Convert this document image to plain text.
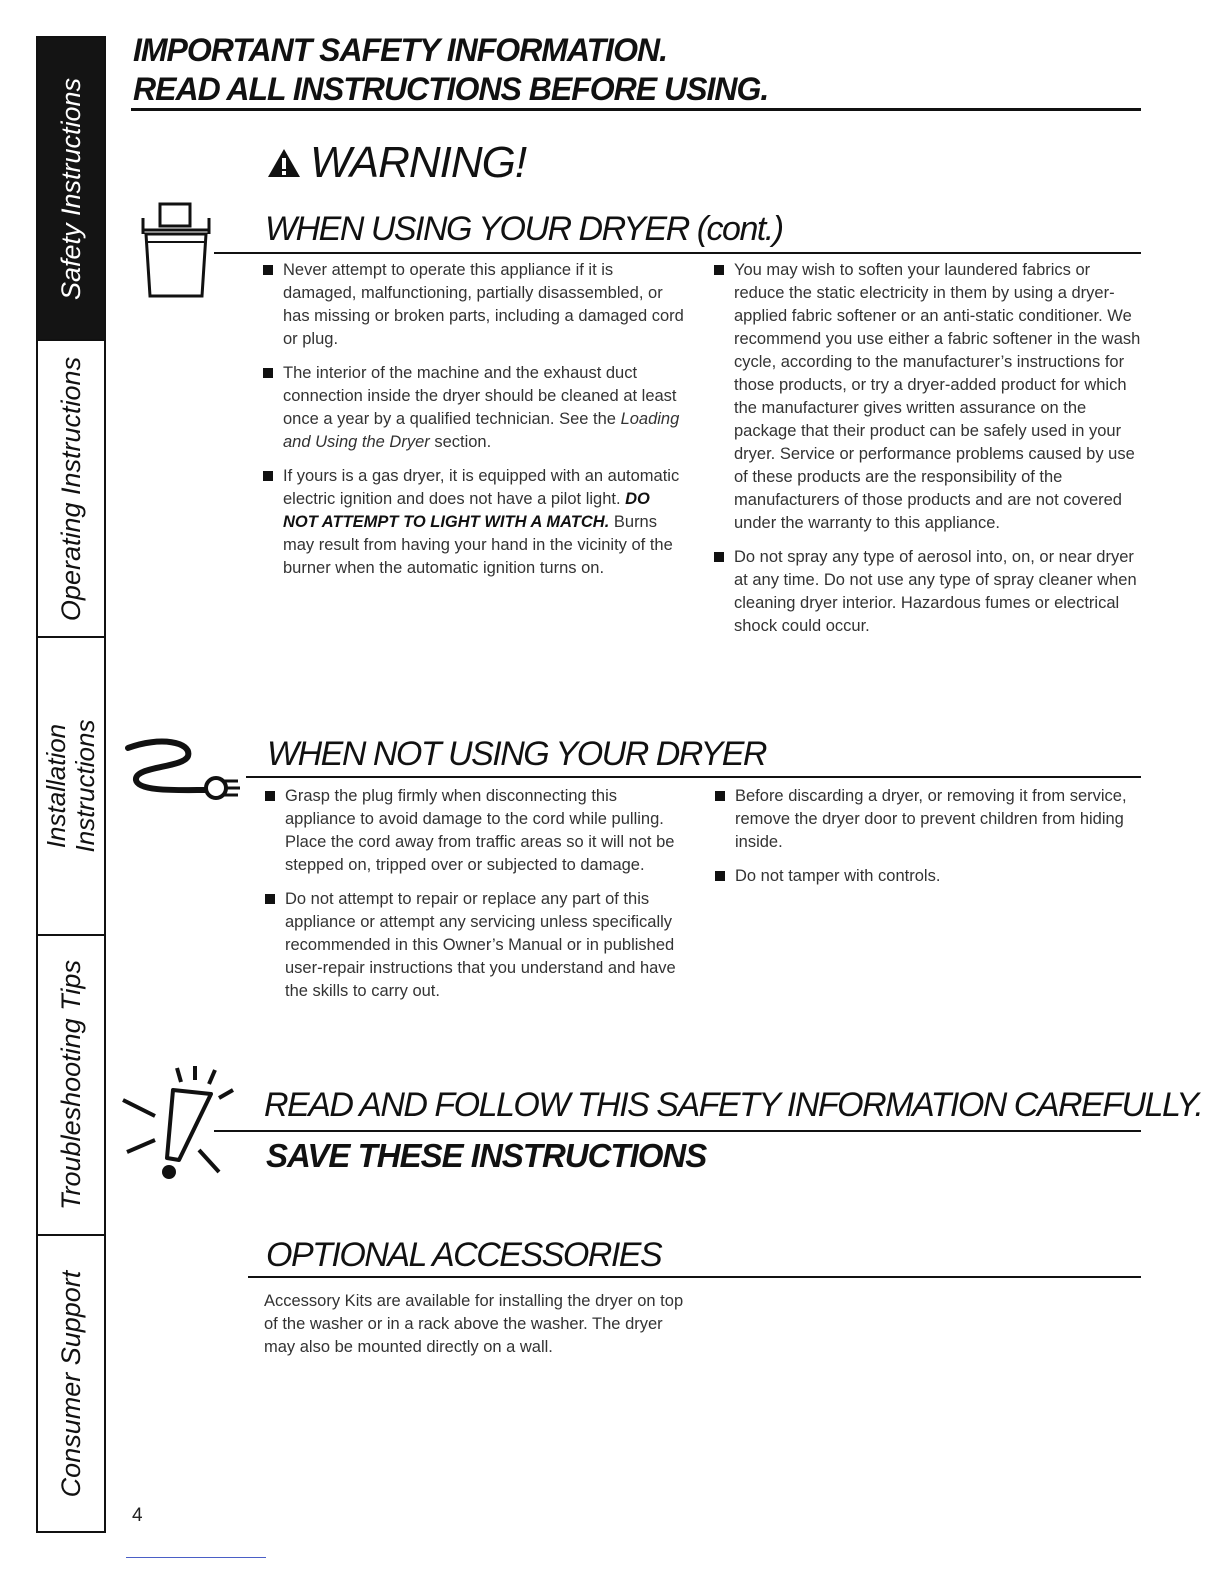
Safety Instructions
Operating Instructions
Installation Instructions
Troubleshooting Tips
Consumer Support
IMPORTANT SAFETY INFORMATION.
READ ALL INSTRUCTIONS BEFORE USING.
WARNING!
WHEN USING YOUR DRYER (cont.)
Never attempt to operate this appliance if it is damaged, malfunctioning, partially disassembled, or has missing or broken parts, including a damaged cord or plug.
The interior of the machine and the exhaust duct connection inside the dryer should be cleaned at least once a year by a qualified technician. See the Loading and Using the Dryer section.
If yours is a gas dryer, it is equipped with an automatic electric ignition and does not have a pilot light. DO NOT ATTEMPT TO LIGHT WITH A MATCH. Burns may result from having your hand in the vicinity of the burner when the automatic ignition turns on.
You may wish to soften your laundered fabrics or reduce the static electricity in them by using a dryer-applied fabric softener or an anti-static conditioner. We recommend you use either a fabric softener in the wash cycle, according to the manufacturer’s instructions for those products, or try a dryer-added product for which the manufacturer gives written assurance on the package that their product can be safely used in your dryer. Service or performance problems caused by use of these products are the responsibility of the manufacturers of those products and are not covered under the warranty to this appliance.
Do not spray any type of aerosol into, on, or near dryer at any time. Do not use any type of spray cleaner when cleaning dryer interior. Hazardous fumes or electrical shock could occur.
WHEN NOT USING YOUR DRYER
Grasp the plug firmly when disconnecting this appliance to avoid damage to the cord while pulling. Place the cord away from traffic areas so it will not be stepped on, tripped over or subjected to damage.
Do not attempt to repair or replace any part of this appliance or attempt any servicing unless specifically recommended in this Owner’s Manual or in published user-repair instructions that you understand and have the skills to carry out.
Before discarding a dryer, or removing it from service, remove the dryer door to prevent children from hiding inside.
Do not tamper with controls.
READ AND FOLLOW THIS SAFETY INFORMATION CAREFULLY.
SAVE THESE INSTRUCTIONS
OPTIONAL ACCESSORIES
Accessory Kits are available for installing the dryer on top of the washer or in a rack above the washer. The dryer may also be mounted directly on a wall.
4
